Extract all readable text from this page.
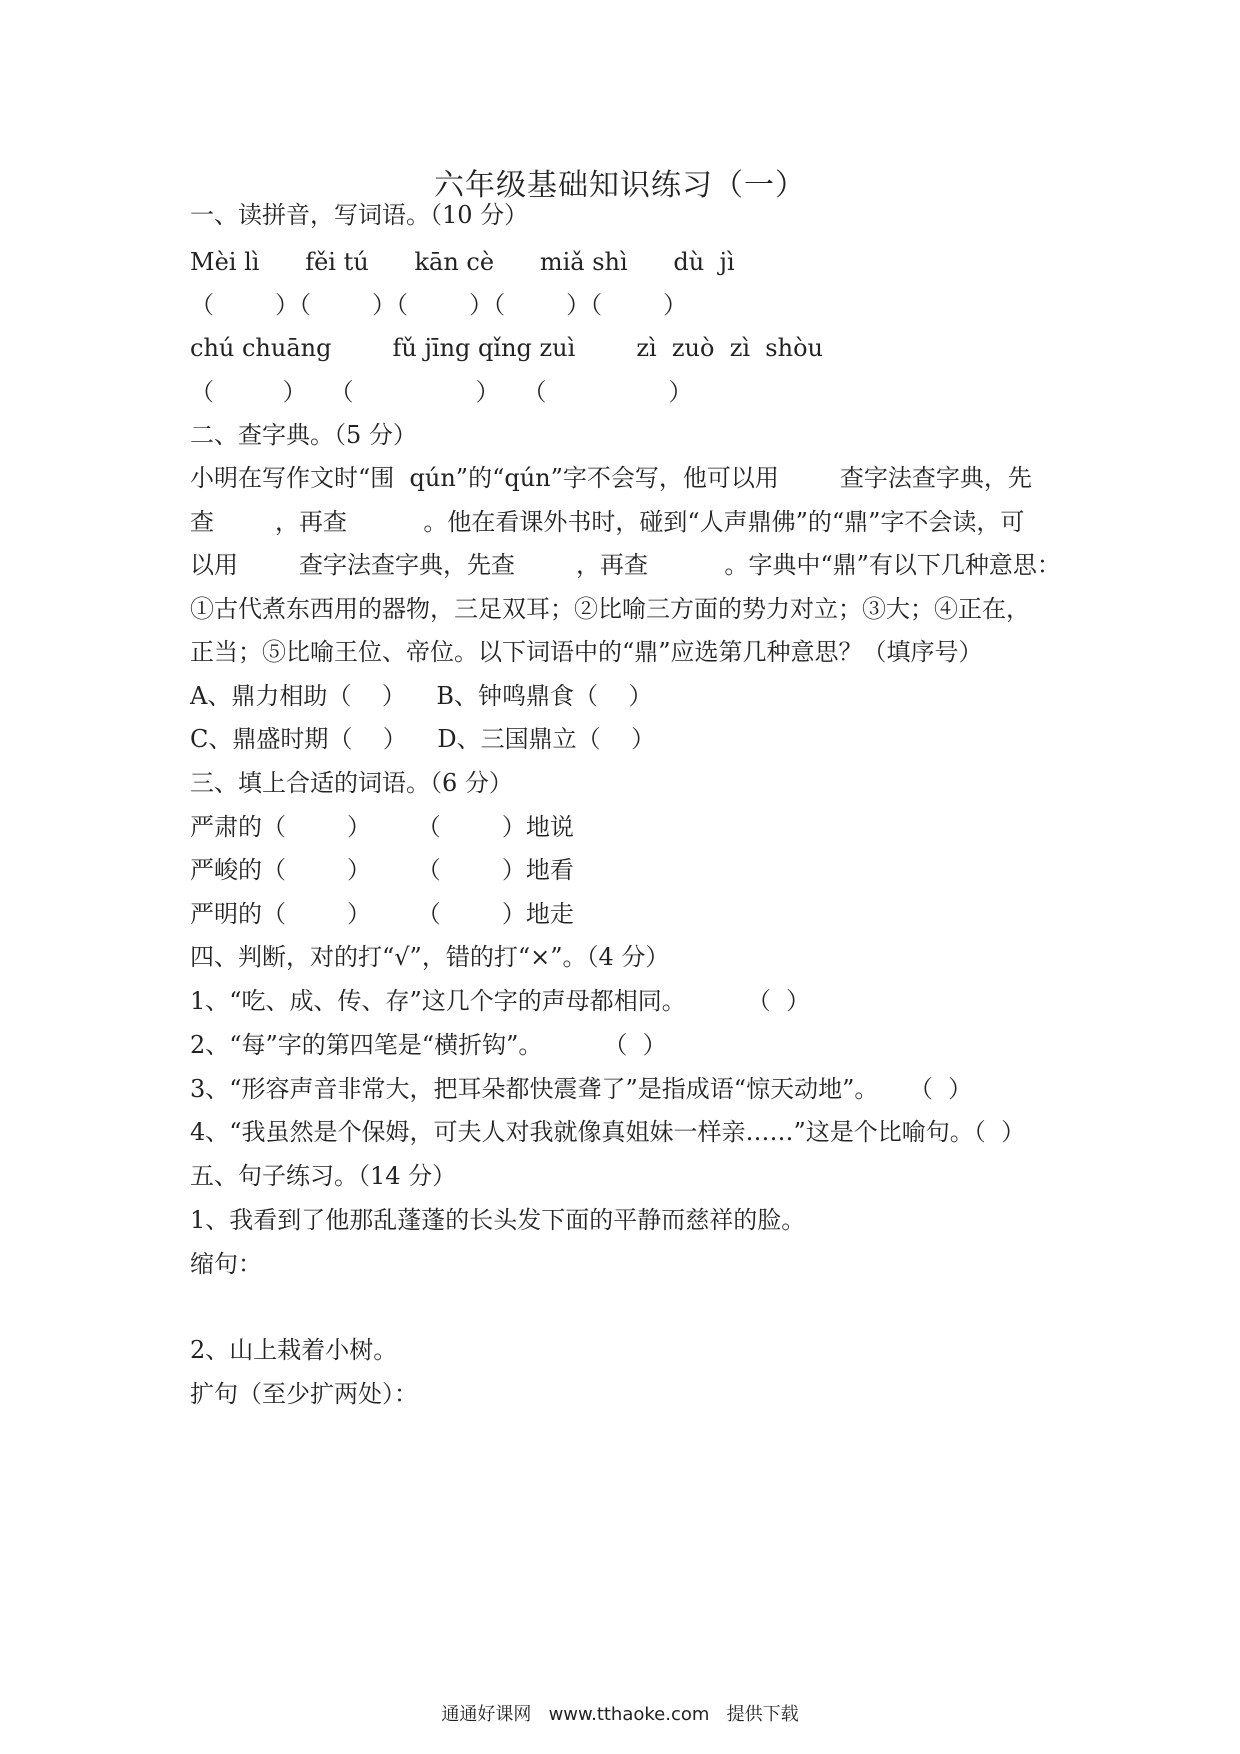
六年级基础知识练习（一）
一、读拼音，写词语。（10 分）
Mèi lì      fěi tú      kān cè      miǎ shì      dù  jì
（        ）（        ）（        ）（        ）（        ）
chú chuāng        fǔ jīng qǐng zuì        zì  zuò  zì  shòu
（         ）   （                ）   （                ）
二、查字典。（5 分）
小明在写作文时“围  qún”的“qún”字不会写，他可以用        查字法查字典，先
查        ，再查          。他在看课外书时，碰到“人声鼎佛”的“鼎”字不会读，可
以用        查字法查字典，先查        ，再查          。字典中“鼎”有以下几种意思：
①古代煮东西用的器物，三足双耳；②比喻三方面的势力对立；③大；④正在，
正当；⑤比喻王位、帝位。以下词语中的“鼎”应选第几种意思？（填序号）
A、鼎力相助（    ）    B、钟鸣鼎食（    ）
C、鼎盛时期（    ）    D、三国鼎立（    ）
三、填上合适的词语。（6 分）
严肃的（        ）      （        ）地说
严峻的（        ）      （        ）地看
严明的（        ）      （        ）地走
四、判断，对的打“√”，错的打“×”。（4 分）
1、“吃、成、传、存”这几个字的声母都相同。        （  ）
2、“每”字的第四笔是“横折钩”。        （  ）
3、“形容声音非常大，把耳朵都快震聋了”是指成语“惊天动地”。    （  ）
4、“我虽然是个保姆，可夫人对我就像真姐妹一样亲……”这是个比喻句。（  ）
五、句子练习。（14 分）
1、我看到了他那乱蓬蓬的长头发下面的平静而慈祥的脸。
缩句：
2、山上栽着小树。
扩句（至少扩两处）：
通通好课网   www.tthaoke.com   提供下载
